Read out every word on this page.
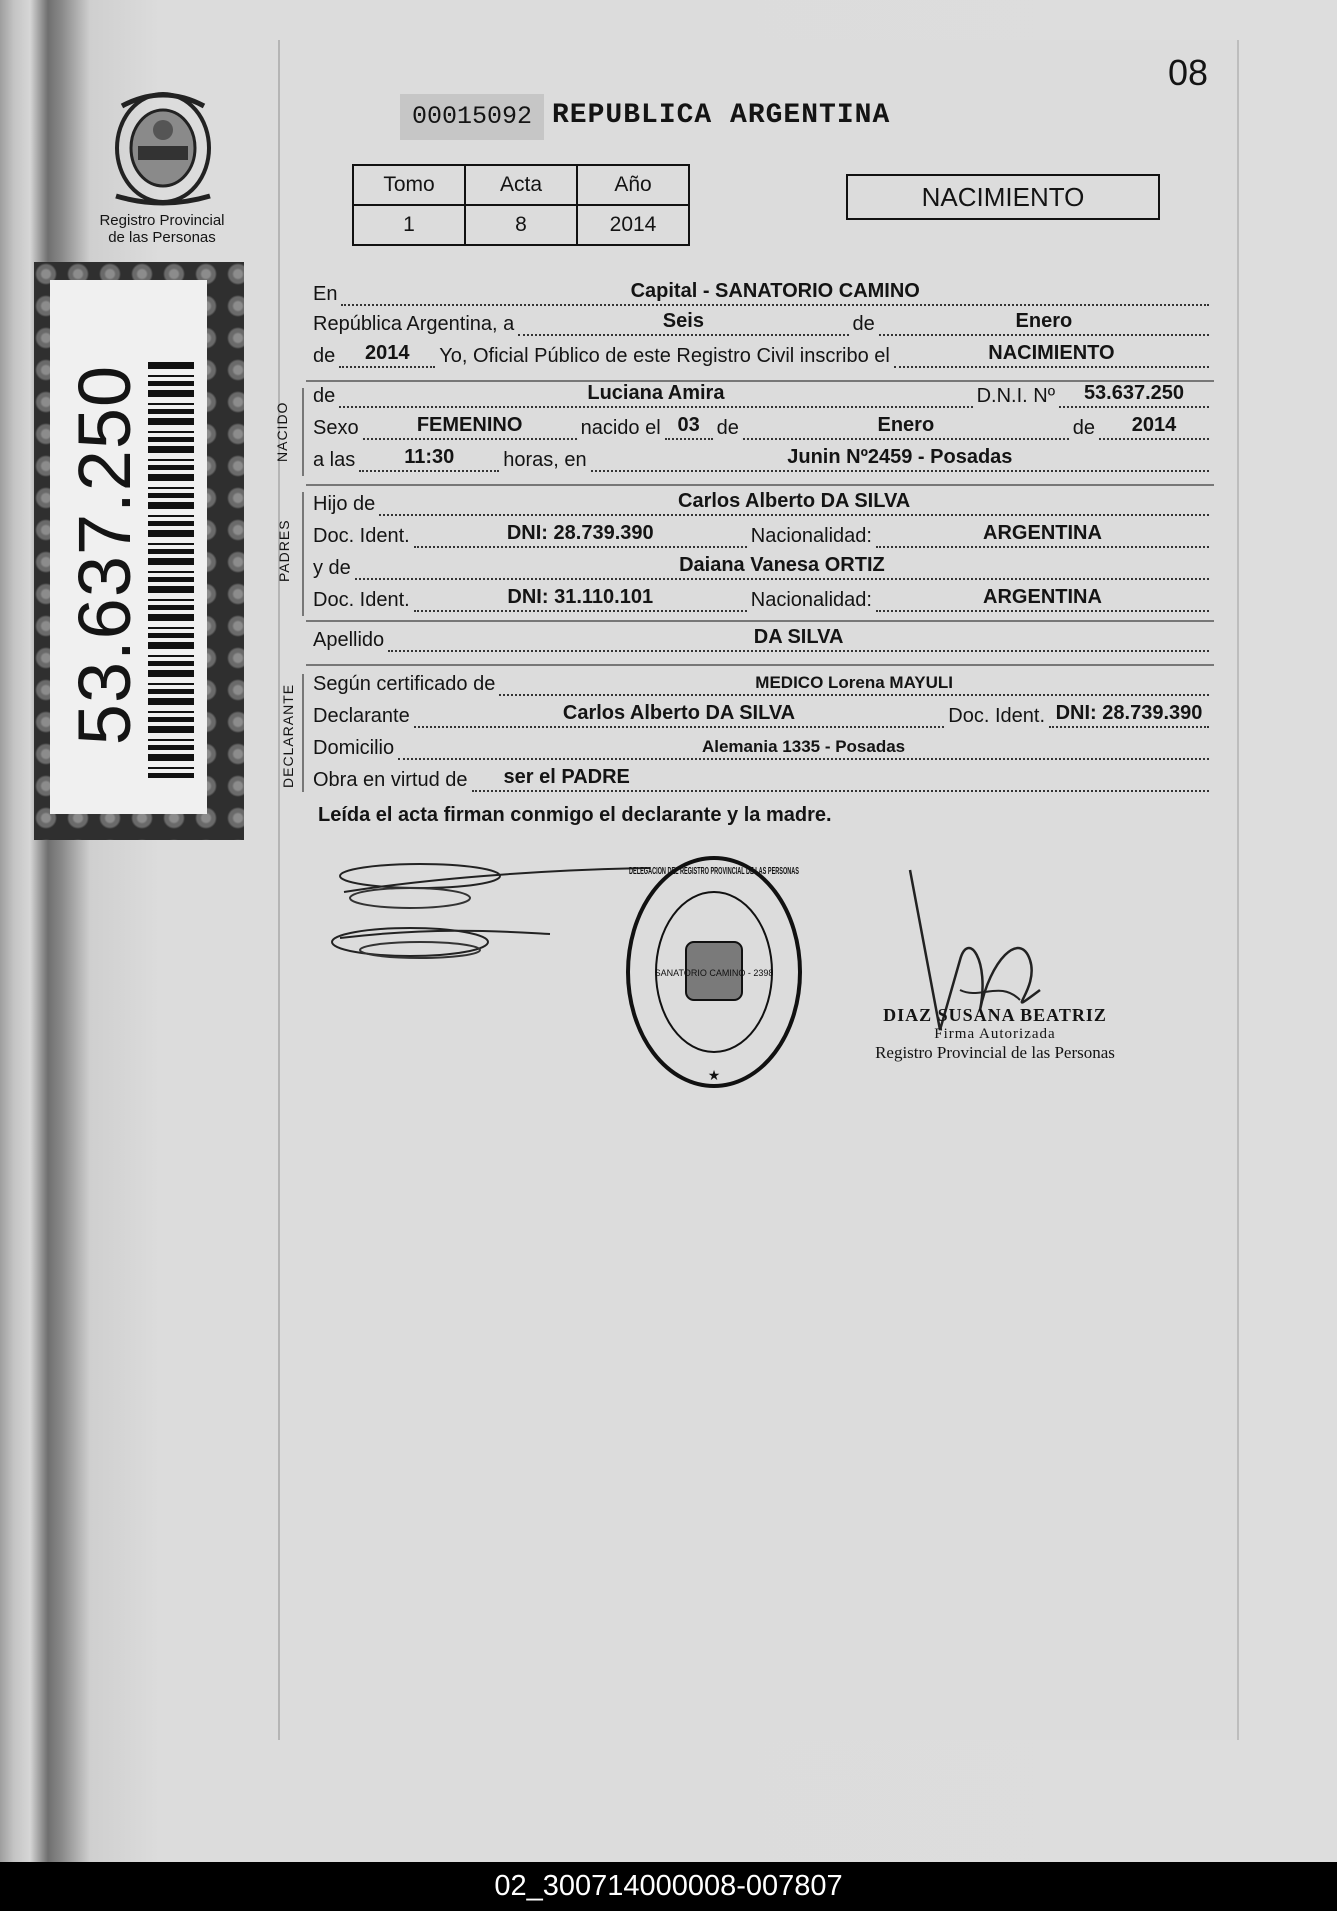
Registro Provincial
de las Personas
53.637.250
08
00015092 REPUBLICA ARGENTINA
Tomo	Acta	Año
1	8	2014
NACIMIENTO
En	Capital - SANATORIO CAMINO
República Argentina, a	Seis	de	Enero
de	2014	Yo, Oficial Público de este Registro Civil inscribo el	NACIMIENTO
NACIDO
de	Luciana Amira	D.N.I. Nº	53.637.250
Sexo	FEMENINO	nacido el 03 de	Enero	de	2014
a las	11:30	horas, en	Junin Nº2459 - Posadas
PADRES
Hijo de	Carlos Alberto DA SILVA
Doc. Ident.	DNI: 28.739.390	Nacionalidad:	ARGENTINA
y de	Daiana Vanesa ORTIZ
Doc. Ident.	DNI: 31.110.101	Nacionalidad:	ARGENTINA
Apellido	DA SILVA
DECLARANTE Según certificado de	MEDICO Lorena MAYULI
Declarante	Carlos Alberto DA SILVA	Doc. Ident. DNI: 28.739.390
Domicilio	Alemania 1335 - Posadas
Obra en virtud de	ser el PADRE
Leída el acta firman conmigo el declarante y la madre.
SANATORIO CAMINO - 2398
DELEGACION DEL REGISTRO PROVINCIAL DE LAS PERSONAS
★
DIAZ SUSANA BEATRIZ
Firma Autorizada
Registro Provincial de las Personas
02_300714000008-007807
